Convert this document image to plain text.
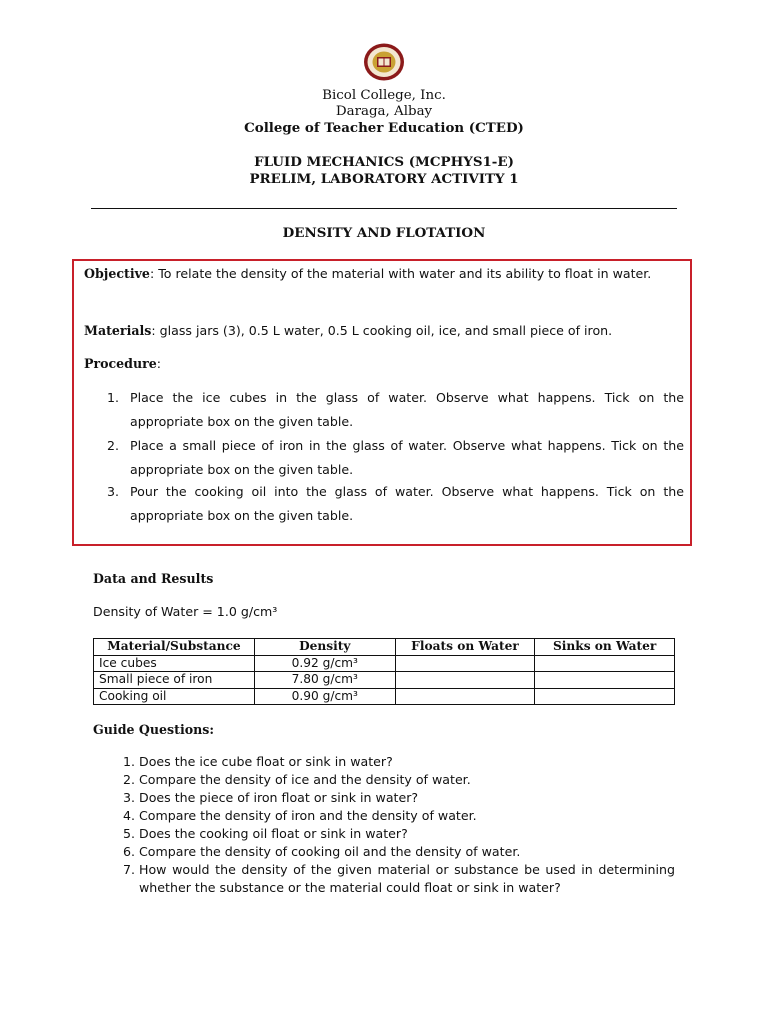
Bicol College, Inc.
Daraga, Albay
College of Teacher Education (CTED)
FLUID MECHANICS (MCPHYS1-E)
PRELIM, LABORATORY ACTIVITY 1
DENSITY AND FLOTATION
Objective: To relate the density of the material with water and its ability to float in water.
Materials: glass jars (3), 0.5 L water, 0.5 L cooking oil, ice, and small piece of iron.
Procedure:
1. Place the ice cubes in the glass of water. Observe what happens. Tick on the appropriate box on the given table.
2. Place a small piece of iron in the glass of water. Observe what happens. Tick on the appropriate box on the given table.
3. Pour the cooking oil into the glass of water. Observe what happens. Tick on the appropriate box on the given table.
Data and Results
Density of Water = 1.0 g/cm³
Material/Substance	Density	Floats on Water	Sinks on Water
Ice cubes	0.92 g/cm³		
Small piece of iron	7.80 g/cm³		
Cooking oil	0.90 g/cm³		
Guide Questions:
1. Does the ice cube float or sink in water?
2. Compare the density of ice and the density of water.
3. Does the piece of iron float or sink in water?
4. Compare the density of iron and the density of water.
5. Does the cooking oil float or sink in water?
6. Compare the density of cooking oil and the density of water.
7. How would the density of the given material or substance be used in determining whether the substance or the material could float or sink in water?
